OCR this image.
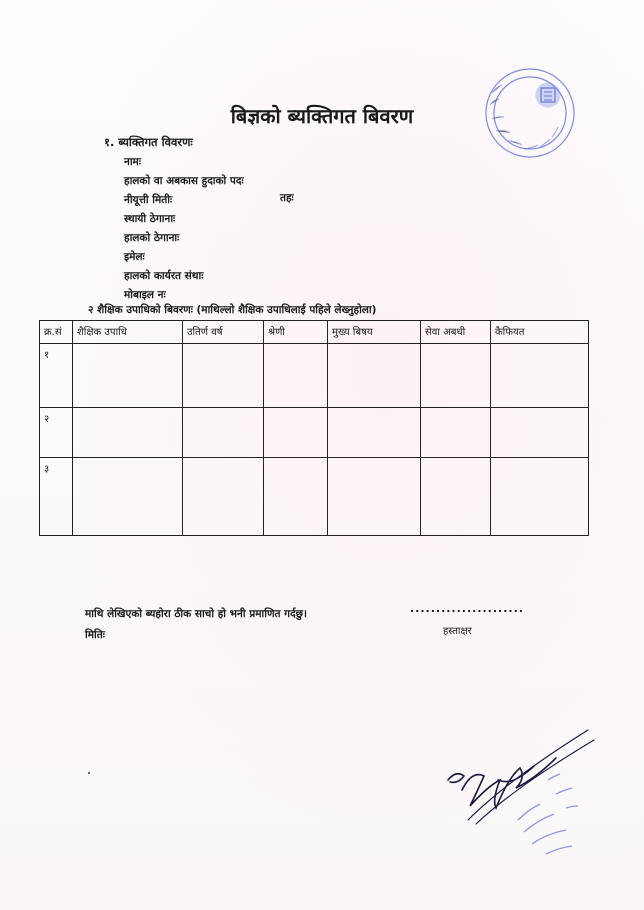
बिज्ञको ब्यक्तिगत बिवरण
१. ब्यक्तिगत विवरणः
नामः
हालको वा अबकास हुदाको पदः
नीयूत्ती मितीः	तहः
स्थायी ठेगानाः
हालको ठेगानाः
इमेलः
हालको कार्यरत संथाः
मोबाइल नः
२ शैक्षिक उपाधिको बिवरणः (माथिल्लो शैक्षिक उपाधिलाई पहिले लेख्नुहोला)
क्र.सं	शैक्षिक उपाधि	उतिर्ण वर्ष	श्रेणी	मुख्य बिषय	सेवा अबधी	कैफियत
१						
२						
३						
माथि लेखिएको ब्यहोरा ठीक साचो हो भनी प्रमाणित गर्दछु।	......................
हस्ताक्षर
मितिः
